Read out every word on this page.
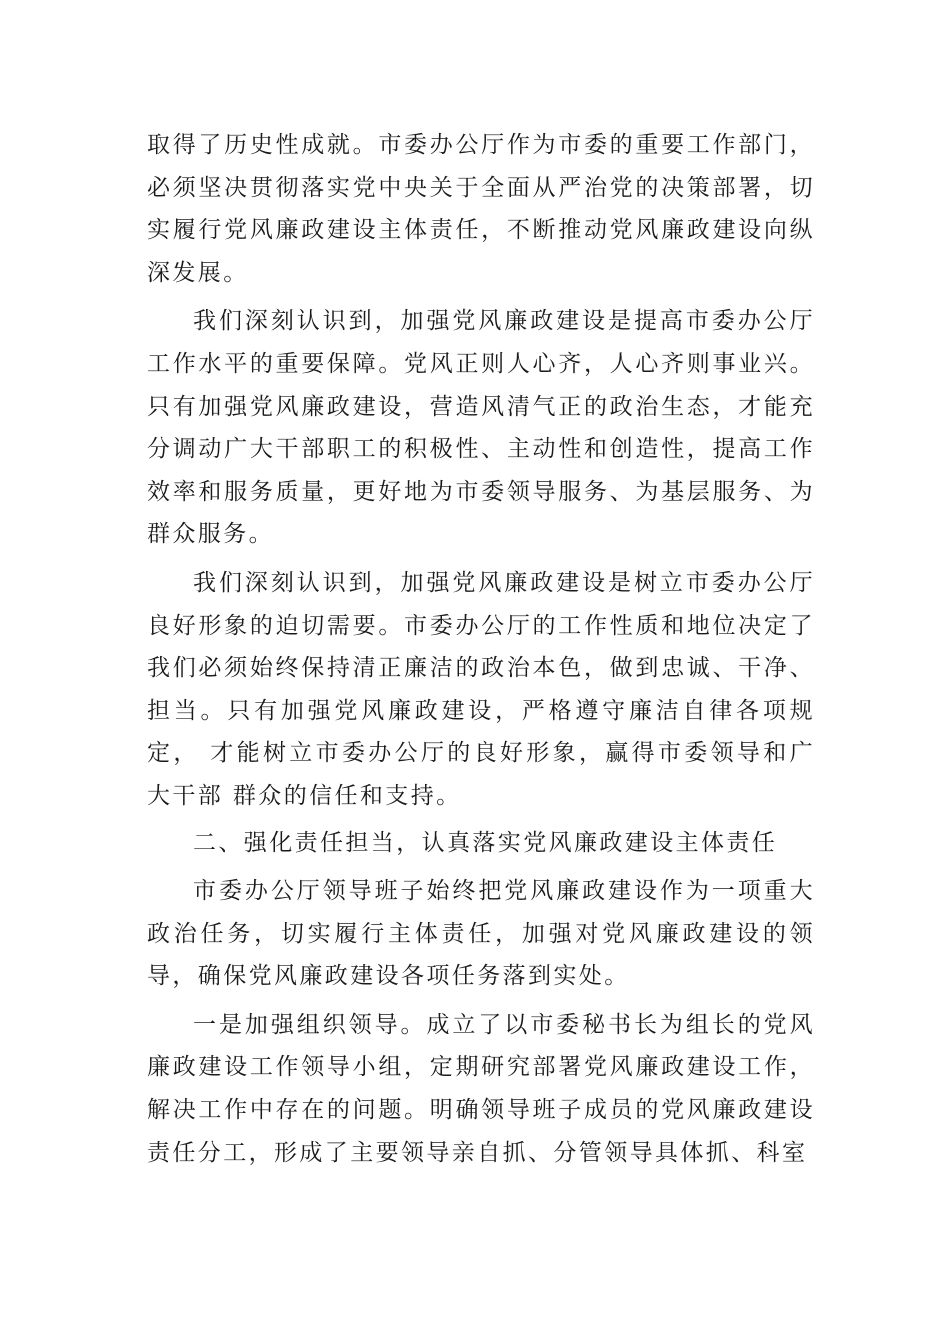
取得了历史性成就。市委办公厅作为市委的重要工作部门，必须坚决贯彻落实党中央关于全面从严治党的决策部署，切实履行党风廉政建设主体责任，不断推动党风廉政建设向纵深发展。

我们深刻认识到，加强党风廉政建设是提高市委办公厅工作水平的重要保障。党风正则人心齐，人心齐则事业兴。只有加强党风廉政建设，营造风清气正的政治生态，才能充分调动广大干部职工的积极性、主动性和创造性，提高工作效率和服务质量，更好地为市委领导服务、为基层服务、为群众服务。

我们深刻认识到，加强党风廉政建设是树立市委办公厅良好形象的迫切需要。市委办公厅的工作性质和地位决定了我们必须始终保持清正廉洁的政治本色，做到忠诚、干净、担当。只有加强党风廉政建设，严格遵守廉洁自律各项规定， 才能树立市委办公厅的良好形象，赢得市委领导和广大干部 群众的信任和支持。

二、强化责任担当，认真落实党风廉政建设主体责任

市委办公厅领导班子始终把党风廉政建设作为一项重大政治任务，切实履行主体责任，加强对党风廉政建设的领导，确保党风廉政建设各项任务落到实处。

一是加强组织领导。成立了以市委秘书长为组长的党风廉政建设工作领导小组，定期研究部署党风廉政建设工作，解决工作中存在的问题。明确领导班子成员的党风廉政建设责任分工，形成了主要领导亲自抓、分管领导具体抓、科室
